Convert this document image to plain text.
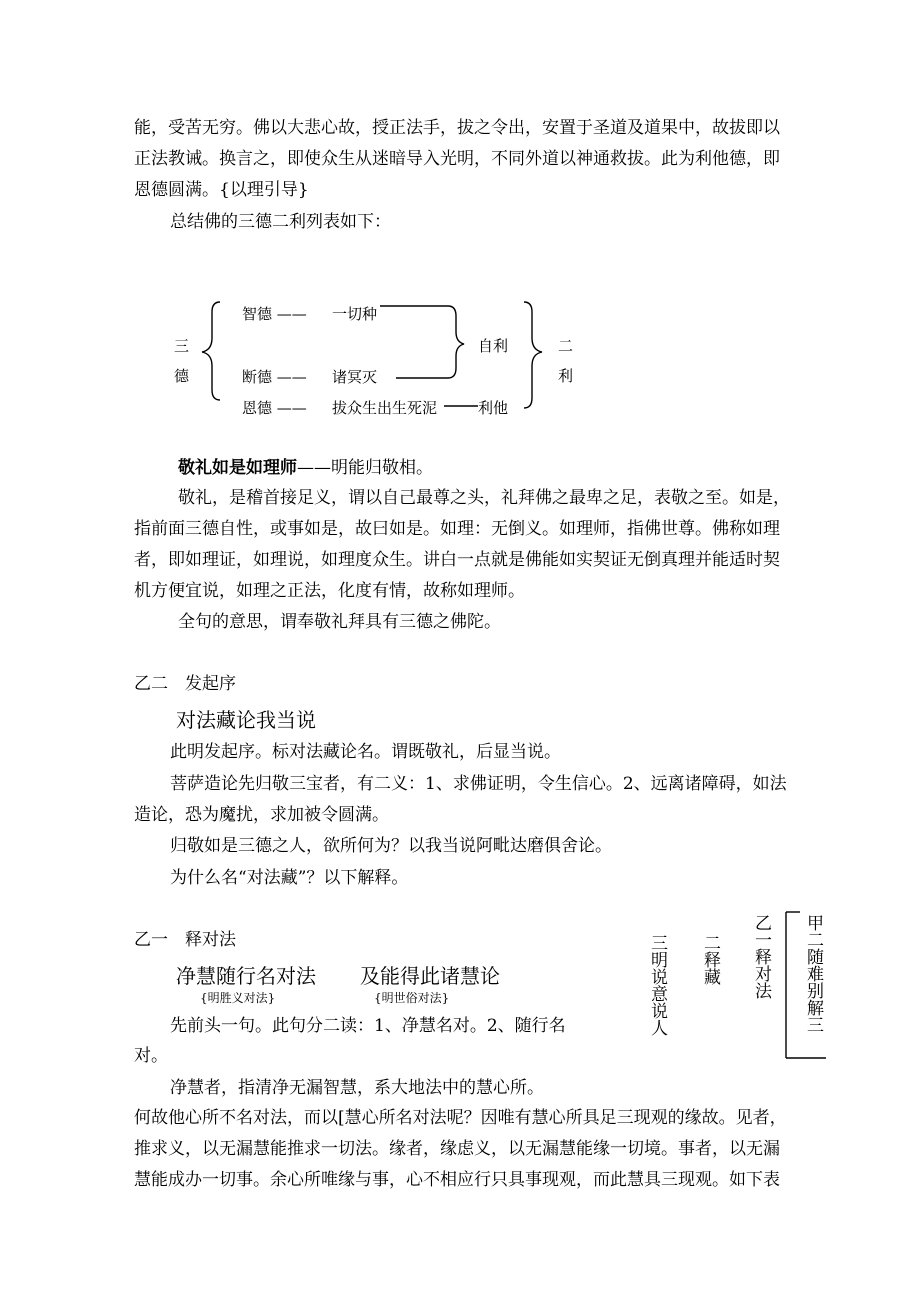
能，受苦无穷。佛以大悲心故，授正法手，拔之令出，安置于圣道及道果中，故拔即以
正法教诫。换言之，即使众生从迷暗导入光明，不同外道以神通救拔。此为利他德，即
恩德圆满。{以理引导}
总结佛的三德二利列表如下：
三
德
智德 —— 一切种
断德 —— 诸冥灭
恩德 —— 拔众生出生死泥	利他
自利	二
利
敬礼如是如理师——明能归敬相。
敬礼，是稽首接足义，谓以自己最尊之头，礼拜佛之最卑之足，表敬之至。如是，
指前面三德自性，或事如是，故曰如是。如理：无倒义。如理师，指佛世尊。佛称如理
者，即如理证，如理说，如理度众生。讲白一点就是佛能如实契证无倒真理并能适时契
机方便宜说，如理之正法，化度有情，故称如理师。
全句的意思，谓奉敬礼拜具有三德之佛陀。
乙二　发起序
对法藏论我当说
此明发起序。标对法藏论名。谓既敬礼，后显当说。
菩萨造论先归敬三宝者，有二义：1、求佛证明，令生信心。2、远离诸障碍，如法
造论，恐为魔扰，求加被令圆满。
归敬如是三德之人，欲所何为？以我当说阿毗达磨俱舍论。
为什么名“对法藏”？以下解释。
乙一　释对法
净慧随行名对法 及能得此诸慧论
{明胜义对法}	{明世俗对法}
先前头一句。此句分二读：1、净慧名对。2、随行名
对。
净慧者，指清净无漏智慧，系大地法中的慧心所。
何故他心所不名对法，而以[慧心所名对法呢？因唯有慧心所具足三现观的缘故。见者，
推求义，以无漏慧能推求一切法。缘者，缘虑义，以无漏慧能缘一切境。事者，以无漏
慧能成办一切事。余心所唯缘与事，心不相应行只具事现观，而此慧具三现观。如下表
甲二随难别解三
乙一释对法
二释藏
三明说意说人
